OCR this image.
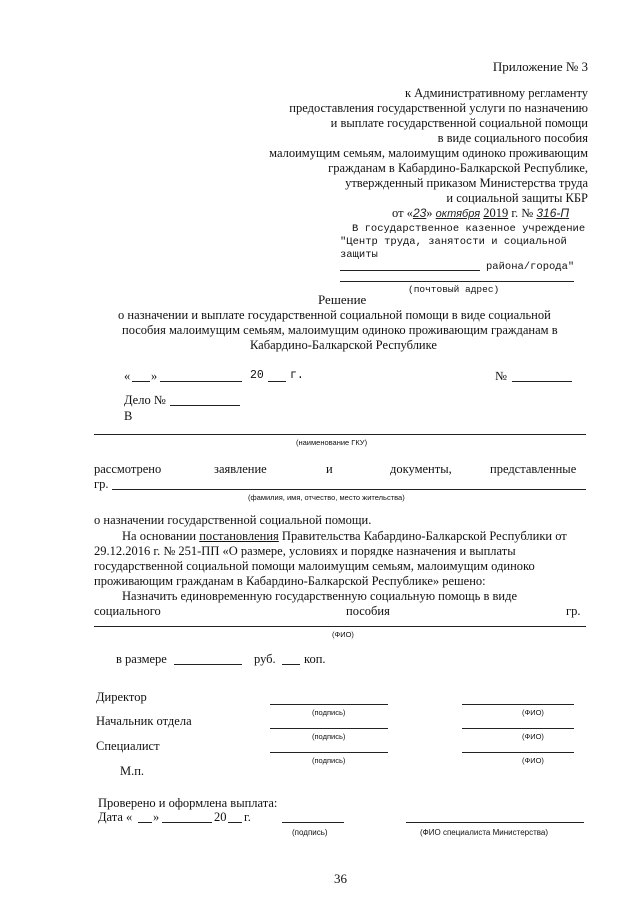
Приложение № 3
к Административному регламенту
предоставления государственной услуги по назначению
и выплате государственной социальной помощи
в виде социального пособия
малоимущим семьям, малоимущим одиноко проживающим
гражданам в Кабардино-Балкарской Республике,
утвержденный приказом Министерства труда
и социальной защиты КБР
от «23» октября 2019 г. № 316-П
В государственное казенное учреждение
"Центр труда, занятости и социальной
защиты
района/города"
(почтовый адрес)
Решение
о назначении и выплате государственной социальной помощи в виде социальной
пособия малоимущим семьям, малоимущим одиноко проживающим гражданам в
Кабардино-Балкарской Республике
« »	20 г.	№
Дело №
В
(наименование ГКУ)
рассмотрено	заявление	и	документы,	представленные
гр.
(фамилия, имя, отчество, место жительства)
о назначении государственной социальной помощи.
На основании постановления Правительства Кабардино-Балкарской Республики от
29.12.2016 г. № 251-ПП «О размере, условиях и порядке назначения и выплаты
государственной социальной помощи малоимущим семьям, малоимущим одиноко
проживающим гражданам в Кабардино-Балкарской Республике» решено:
Назначить единовременную государственную социальную помощь в виде
социального	пособия	гр.
(ФИО)
в размере	руб. коп.
Директор
(подпись)	(ФИО)
Начальник отдела
(подпись)	(ФИО)
Специалист
(подпись)	(ФИО)
М.п.
Проверено и оформлена выплата:
Дата « »	20 г.
(подпись)	(ФИО специалиста Министерства)
36
